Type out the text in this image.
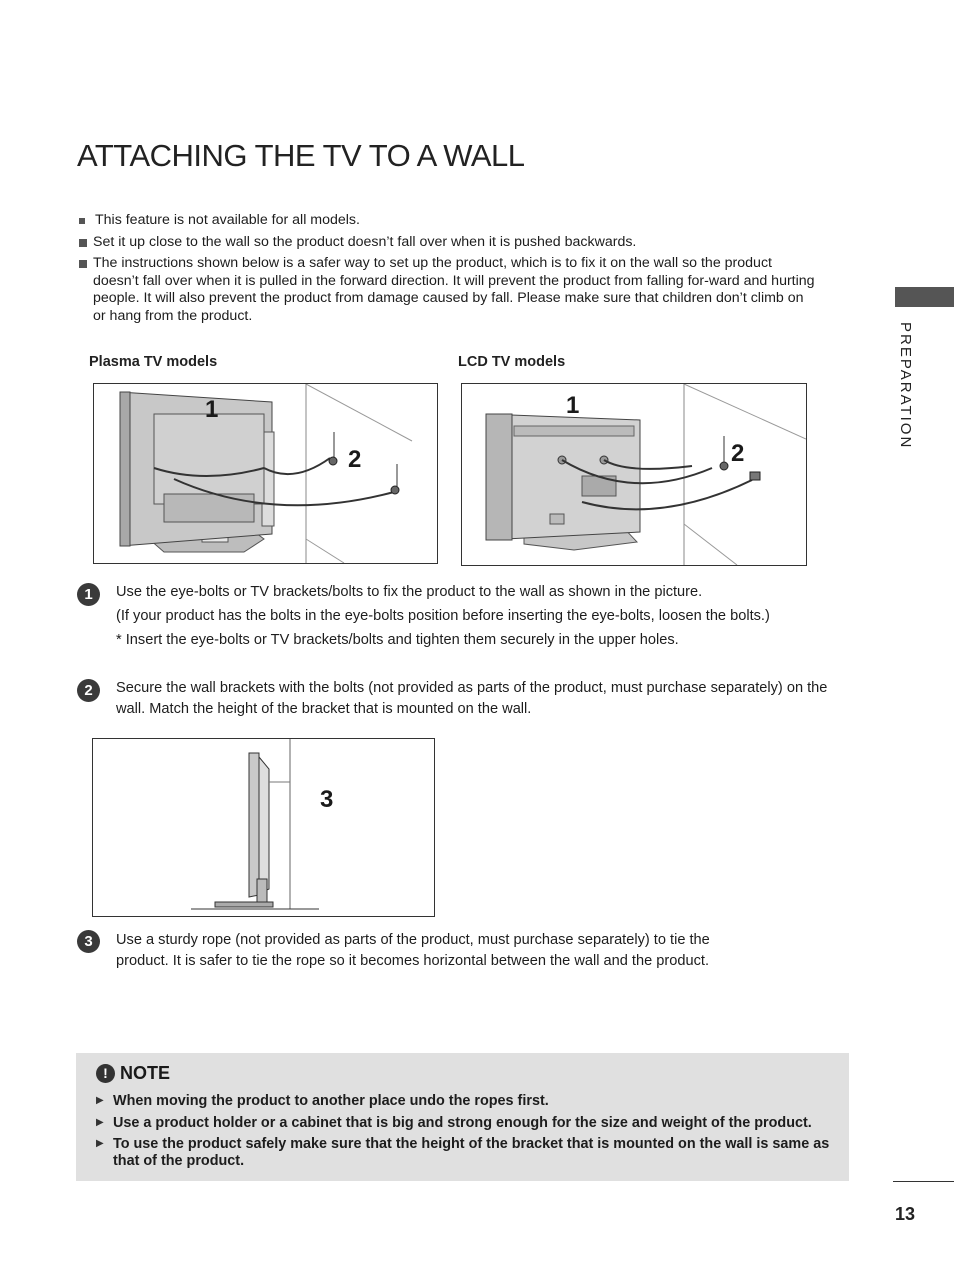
ATTACHING THE TV TO A WALL
This feature is not available for all models.
Set it up close to the wall so the product doesn’t fall over when it is pushed backwards.
The instructions shown below is a safer way to set up the product, which is to fix it on the wall so the product doesn’t fall over when it is pulled in the forward direction. It will prevent the product from falling for-ward and hurting people. It will also prevent the product from damage caused by fall. Please make sure that children don’t climb on or hang from the product.
PREPARATION
Plasma TV models	LCD TV models
1
2
1
2
1	Use the eye-bolts or TV brackets/bolts to fix the product to the wall as shown in the picture.

(If your product has the bolts in the eye-bolts position before inserting the eye-bolts, loosen the bolts.)

* Insert the eye-bolts or TV brackets/bolts and tighten them securely in the upper holes.

2	Secure the wall brackets with the bolts (not provided as parts of the product, must purchase separately) on the wall. Match the height of the bracket that is mounted on the wall.

3
3	Use a sturdy rope (not provided as parts of the product, must purchase separately) to tie the product. It is safer to tie the rope so it becomes horizontal between the wall and the product.

! NOTE
▶ When moving the product to another place undo the ropes first.
▶ Use a product holder or a cabinet that is big and strong enough for the size and weight of the product.
▶ To use the product safely make sure that the height of the bracket that is mounted on the wall is same as that of the product.
13
